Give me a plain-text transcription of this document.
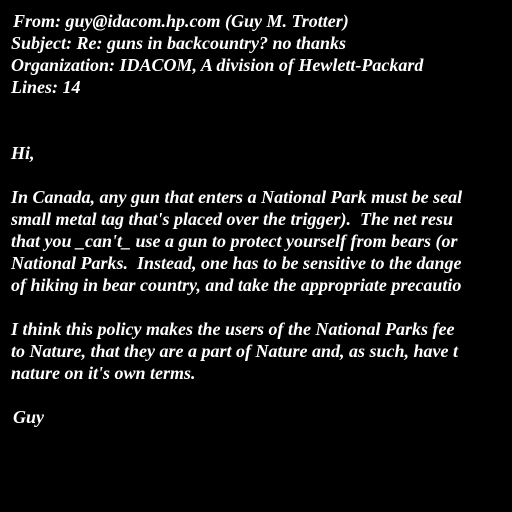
From: guy@idacom.hp.com (Guy M. Trotter)
Subject: Re: guns in backcountry? no thanks
Organization: IDACOM, A division of Hewlett-Packard
Lines: 14
Hi,
In Canada, any gun that enters a National Park must be seal
small metal tag that's placed over the trigger).  The net resu
that you _can't_ use a gun to protect yourself from bears (or
National Parks.  Instead, one has to be sensitive to the dange
of hiking in bear country, and take the appropriate precautio
I think this policy makes the users of the National Parks fee
to Nature, that they are a part of Nature and, as such, have t
nature on it's own terms.
Guy
